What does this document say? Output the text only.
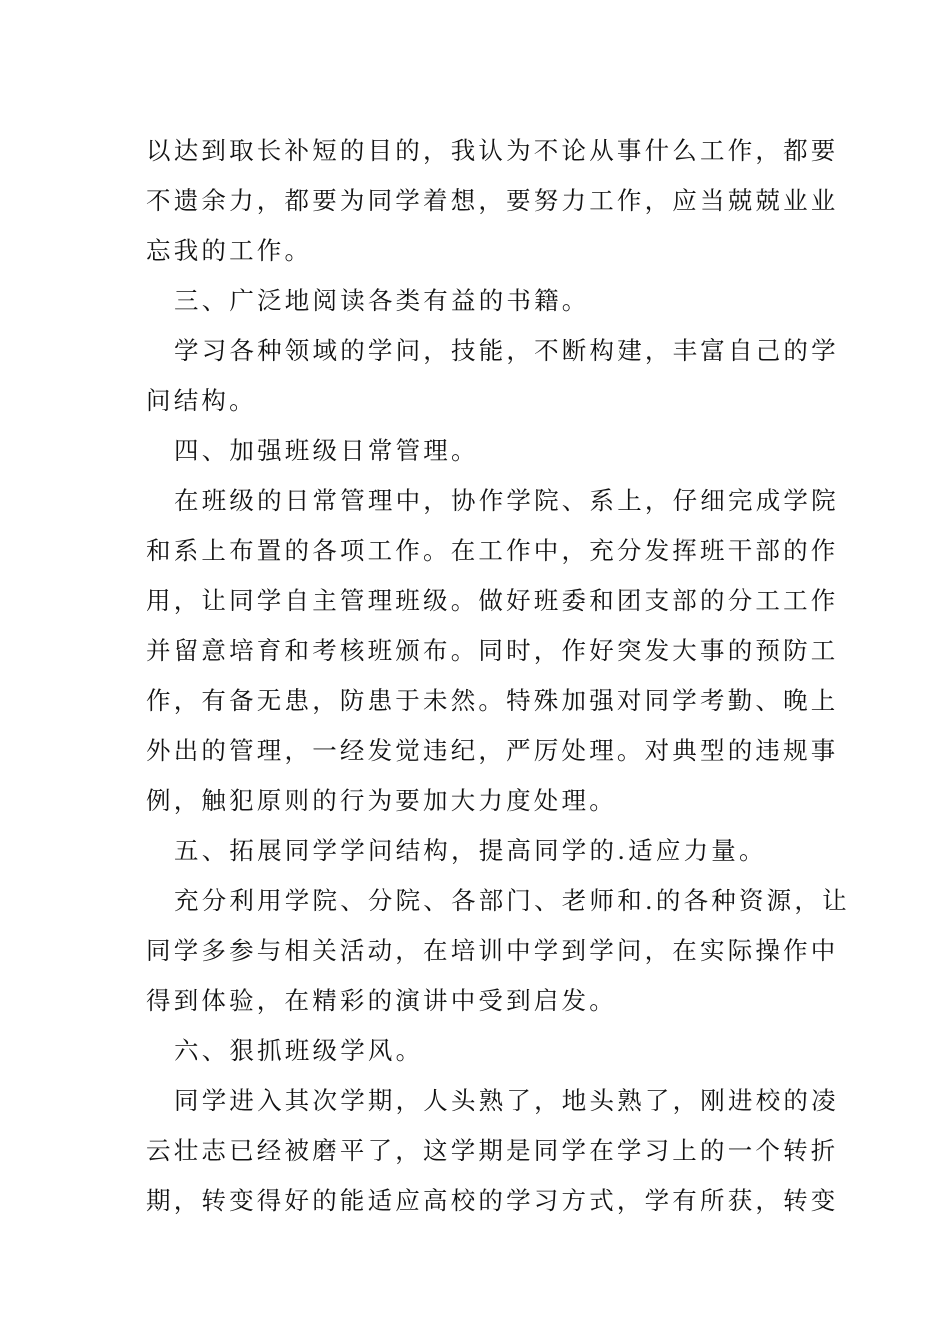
以达到取长补短的目的，我认为不论从事什么工作，都要
不遗余力，都要为同学着想，要努力工作，应当兢兢业业
忘我的工作。
三、广泛地阅读各类有益的书籍。
学习各种领域的学问，技能，不断构建，丰富自己的学
问结构。
四、加强班级日常管理。
在班级的日常管理中，协作学院、系上，仔细完成学院
和系上布置的各项工作。在工作中，充分发挥班干部的作
用，让同学自主管理班级。做好班委和团支部的分工工作
并留意培育和考核班颁布。同时，作好突发大事的预防工
作，有备无患，防患于未然。特殊加强对同学考勤、晚上
外出的管理，一经发觉违纪，严厉处理。对典型的违规事
例，触犯原则的行为要加大力度处理。
五、拓展同学学问结构，提高同学的.适应力量。
充分利用学院、分院、各部门、老师和.的各种资源，让
同学多参与相关活动，在培训中学到学问，在实际操作中
得到体验，在精彩的演讲中受到启发。
六、狠抓班级学风。
同学进入其次学期，人头熟了，地头熟了，刚进校的凌
云壮志已经被磨平了，这学期是同学在学习上的一个转折
期，转变得好的能适应高校的学习方式，学有所获，转变
